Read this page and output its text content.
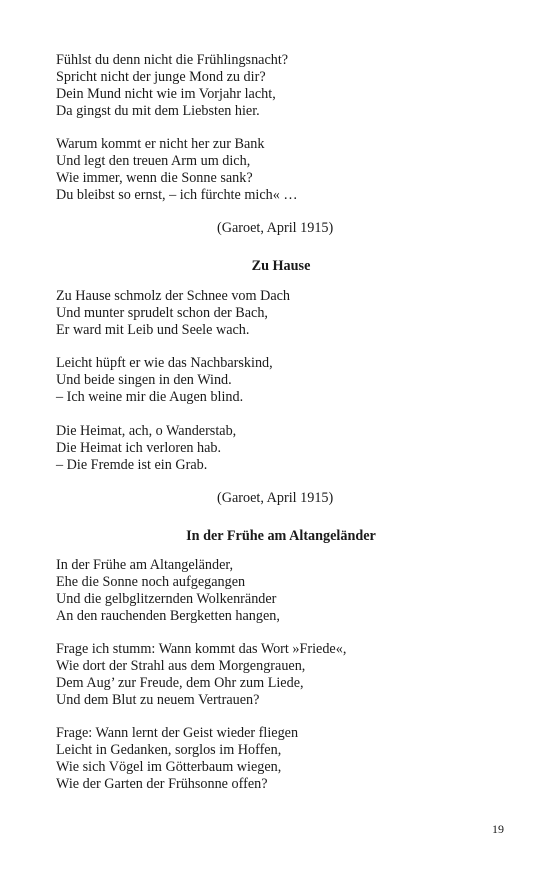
Fühlst du denn nicht die Frühlingsnacht?
Spricht nicht der junge Mond zu dir?
Dein Mund nicht wie im Vorjahr lacht,
Da gingst du mit dem Liebsten hier.
Warum kommt er nicht her zur Bank
Und legt den treuen Arm um dich,
Wie immer, wenn die Sonne sank?
Du bleibst so ernst, – ich fürchte mich« …
(Garoet, April 1915)
Zu Hause
Zu Hause schmolz der Schnee vom Dach
Und munter sprudelt schon der Bach,
Er ward mit Leib und Seele wach.
Leicht hüpft er wie das Nachbarskind,
Und beide singen in den Wind.
– Ich weine mir die Augen blind.
Die Heimat, ach, o Wanderstab,
Die Heimat ich verloren hab.
– Die Fremde ist ein Grab.
(Garoet, April 1915)
In der Frühe am Altangeländer
In der Frühe am Altangeländer,
Ehe die Sonne noch aufgegangen
Und die gelbglitzernden Wolkenränder
An den rauchenden Bergketten hangen,
Frage ich stumm: Wann kommt das Wort »Friede«,
Wie dort der Strahl aus dem Morgengrauen,
Dem Aug’ zur Freude, dem Ohr zum Liede,
Und dem Blut zu neuem Vertrauen?
Frage: Wann lernt der Geist wieder fliegen
Leicht in Gedanken, sorglos im Hoffen,
Wie sich Vögel im Götterbaum wiegen,
Wie der Garten der Frühsonne offen?
19
